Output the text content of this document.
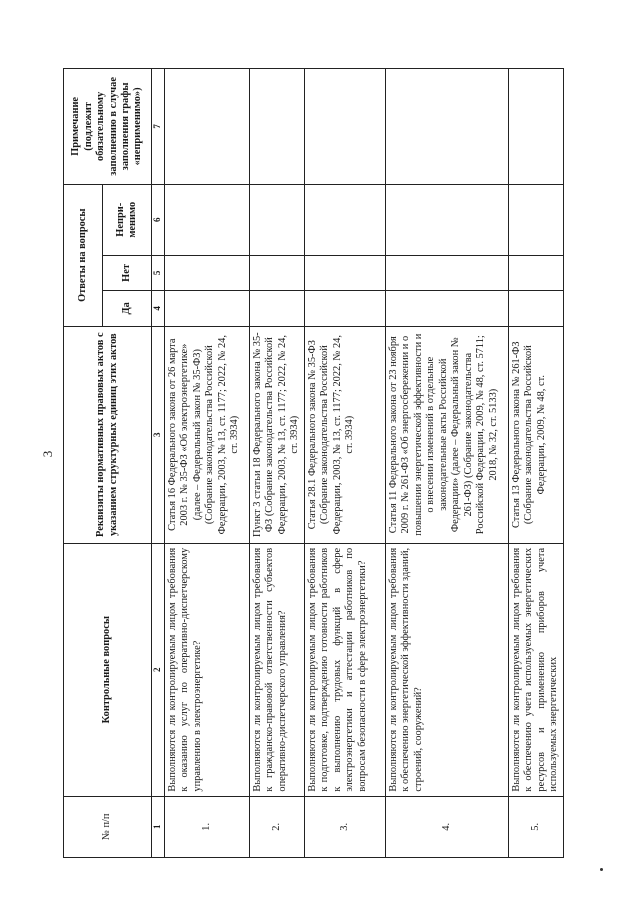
3
№ п/п	Контрольные вопросы	Реквизиты нормативных правовых актов с указанием структурных единиц этих актов	Ответы на вопросы			Примечание (подлежит обязательному заполнению в случае заполнения графы «неприменимо»)
			Да	Нет	Непри-менимо	
1	2	3	4	5	6	7
1.	Выполняются ли контролируемым лицом требования к оказанию услуг по оперативно-диспетчерскому управлению в электроэнергетике?	Статья 16 Федерального закона от 26 марта 2003 г. № 35-ФЗ «Об электроэнергетике» (далее – Федеральный закон № 35-ФЗ) (Собрание законодательства Российской Федерации, 2003, № 13, ст. 1177; 2022, № 24, ст. 3934)				
2.	Выполняются ли контролируемым лицом требования к гражданско-правовой ответственности субъектов оперативно-диспетчерского управления?	Пункт 3 статьи 18 Федерального закона № 35-ФЗ (Собрание законодательства Российской Федерации, 2003, № 13, ст. 1177; 2022, № 24, ст. 3934)				
3.	Выполняются ли контролируемым лицом требования к подготовке, подтверждению готовности работников к выполнению трудовых функций в сфере электроэнергетики и аттестации работников по вопросам безопасности в сфере электроэнергетики?	Статья 28.1 Федерального закона № 35-ФЗ (Собрание законодательства Российской Федерации, 2003, № 13, ст. 1177; 2022, № 24, ст. 3934)				
4.	Выполняются ли контролируемым лицом требования к обеспечению энергетической эффективности зданий, строений, сооружений?	Статья 11 Федерального закона от 23 ноября 2009 г. № 261-ФЗ «Об энергосбережении и о повышении энергетической эффективности и о внесении изменений в отдельные законодательные акты Российской Федерации» (далее – Федеральный закон № 261-ФЗ) (Собрание законодательства Российской Федерации, 2009, № 48, ст. 5711; 2018, № 32, ст. 5133)				
5.	Выполняются ли контролируемым лицом требования к обеспечению учета используемых энергетических ресурсов и применению приборов учета используемых энергетических	Статья 13 Федерального закона № 261-ФЗ (Собрание законодательства Российской Федерации, 2009, № 48, ст.				
